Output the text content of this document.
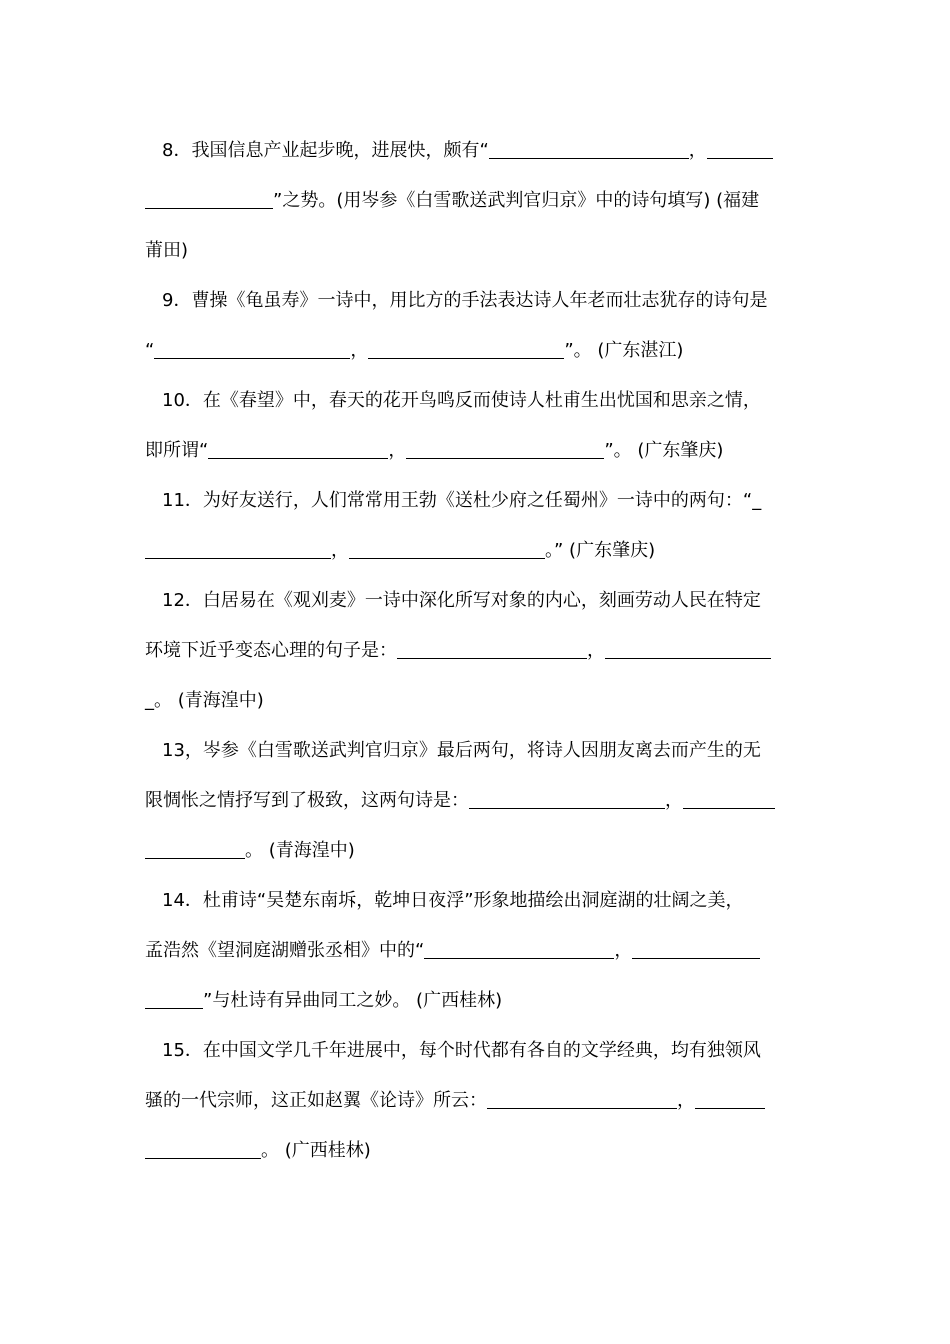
8．我国信息产业起步晚，进展快，颇有“	，
”之势。(用岑参《白雪歌送武判官归京》中的诗句填写) (福建
莆田)
9．曹操《龟虽寿》一诗中，用比方的手法表达诗人年老而壮志犹存的诗句是
“	，	”。 (广东湛江)
10．在《春望》中，春天的花开鸟鸣反而使诗人杜甫生出忧国和思亲之情，
即所谓“	，	”。 (广东肇庆)
11．为好友送行，人们常常用王勃《送杜少府之任蜀州》一诗中的两句：“_
，	。” (广东肇庆)
12．白居易在《观刈麦》一诗中深化所写对象的内心，刻画劳动人民在特定
环境下近乎变态心理的句子是：	，
_。 (青海湟中)
13，岑参《白雪歌送武判官归京》最后两句，将诗人因朋友离去而产生的无
限惆怅之情抒写到了极致，这两句诗是：	，
。 (青海湟中)
14．杜甫诗“吴楚东南坼，乾坤日夜浮”形象地描绘出洞庭湖的壮阔之美，
孟浩然《望洞庭湖赠张丞相》中的“	，
”与杜诗有异曲同工之妙。 (广西桂林)
15．在中国文学几千年进展中，每个时代都有各自的文学经典，均有独领风
骚的一代宗师，这正如赵翼《论诗》所云：	，
。 (广西桂林)
